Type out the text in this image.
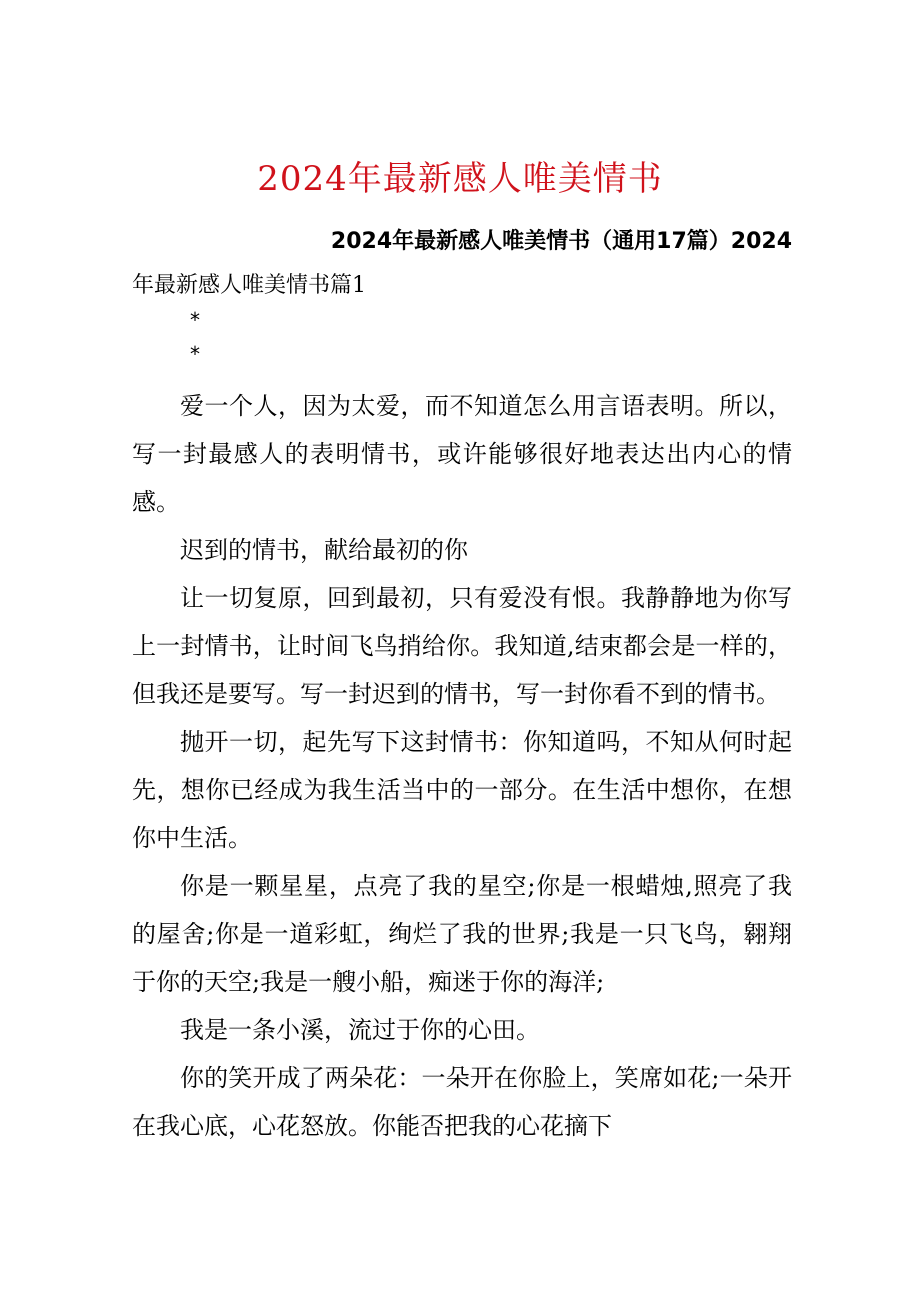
2024年最新感人唯美情书
2024年最新感人唯美情书（通用17篇）2024
年最新感人唯美情书篇1
*
*

爱一个人，因为太爱，而不知道怎么用言语表明。所以，写一封最感人的表明情书，或许能够很好地表达出内心的情感。

迟到的情书，献给最初的你

让一切复原，回到最初，只有爱没有恨。我静静地为你写上一封情书，让时间飞鸟捎给你。我知道,结束都会是一样的，但我还是要写。写一封迟到的情书，写一封你看不到的情书。

抛开一切，起先写下这封情书：你知道吗，不知从何时起先，想你已经成为我生活当中的一部分。在生活中想你，在想你中生活。

你是一颗星星，点亮了我的星空;你是一根蜡烛,照亮了我的屋舍;你是一道彩虹，绚烂了我的世界;我是一只飞鸟，翱翔于你的天空;我是一艘小船，痴迷于你的海洋;

我是一条小溪，流过于你的心田。

你的笑开成了两朵花：一朵开在你脸上，笑席如花;一朵开在我心底，心花怒放。你能否把我的心花摘下
